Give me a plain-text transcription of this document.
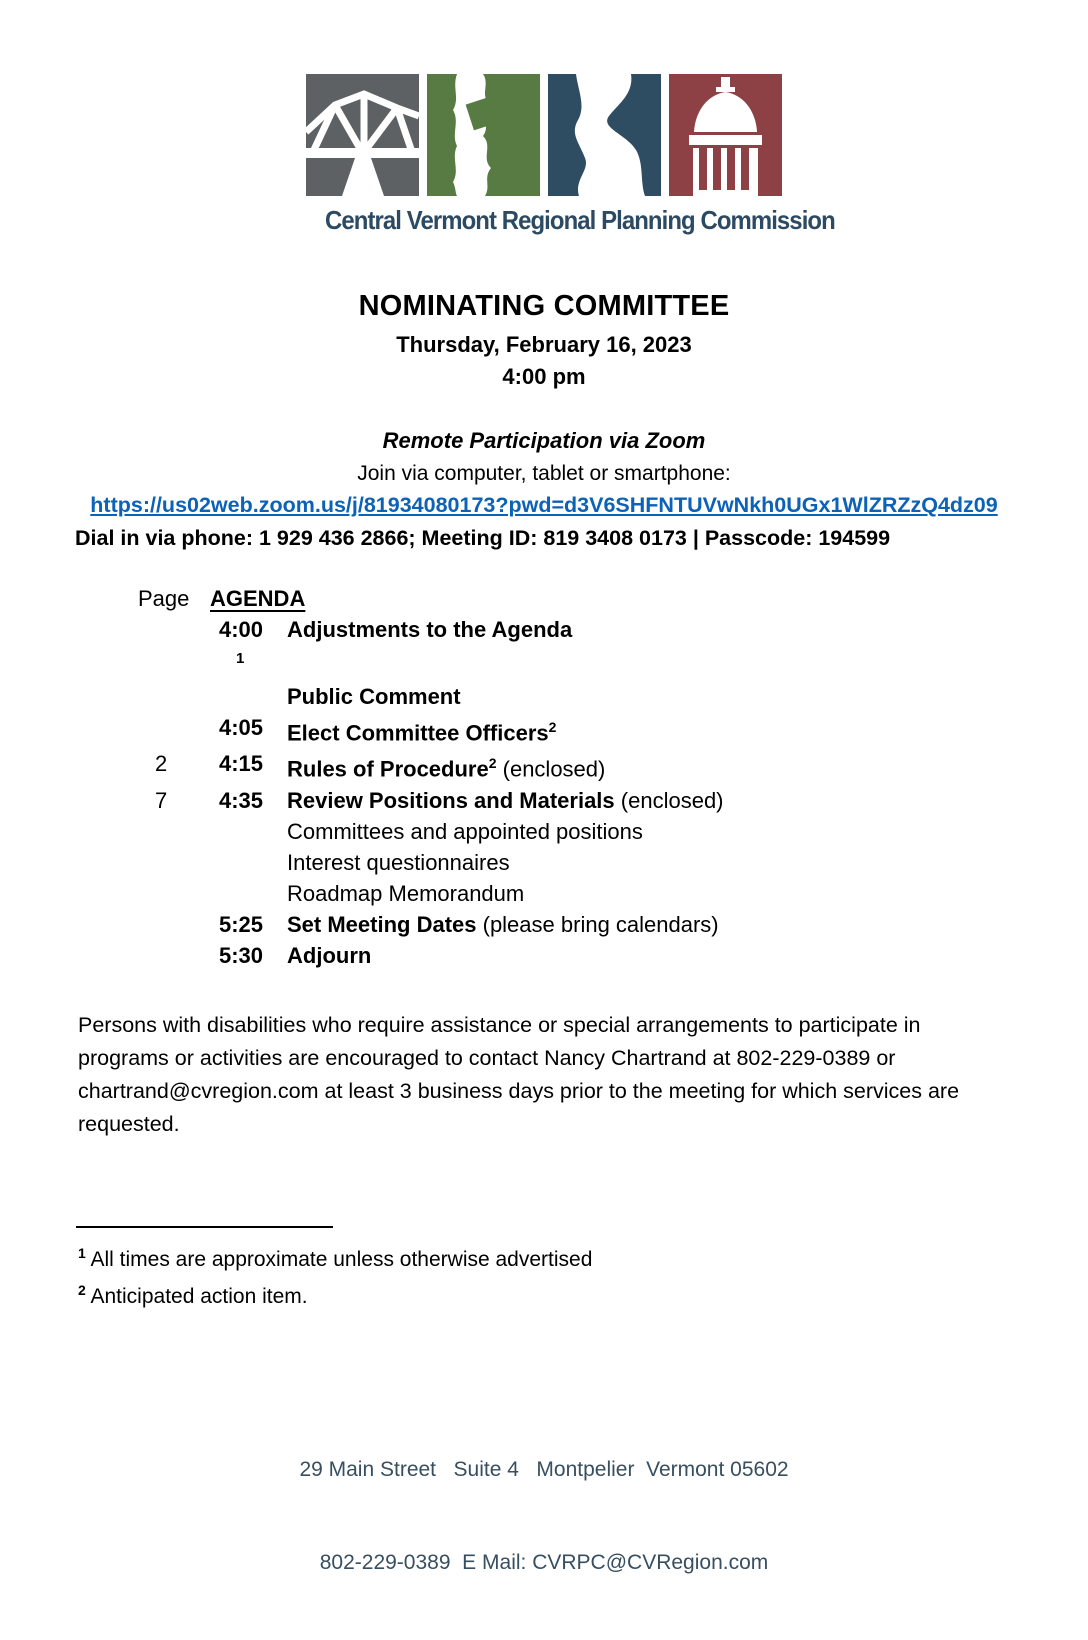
Central Vermont Regional Planning Commission
NOMINATING COMMITTEE
Thursday, February 16, 2023
4:00 pm
Remote Participation via Zoom
Join via computer, tablet or smartphone:
https://us02web.zoom.us/j/81934080173?pwd=d3V6SHFNTUVwNkh0UGx1WlZRZzQ4dz09
Dial in via phone: 1 929 436 2866; Meeting ID: 819 3408 0173 | Passcode: 194599
Page AGENDA
4:00	Adjustments to the Agenda
1
Public Comment
4:05	Elect Committee Officers$^2$
2	4:15	Rules of Procedure$^2$ (enclosed)
7	4:35	Review Positions and Materials (enclosed)
Committees and appointed positions
Interest questionnaires
Roadmap Memorandum
5:25	Set Meeting Dates (please bring calendars)
5:30	Adjourn
Persons with disabilities who require assistance or special arrangements to participate in programs or activities are encouraged to contact Nancy Chartrand at 802-229-0389 or chartrand@cvregion.com at least 3 business days prior to the meeting for which services are requested.
$^1$ All times are approximate unless otherwise advertised
$^2$ Anticipated action item.

29 Main Street   Suite 4   Montpelier  Vermont 05602

802-229-0389  E Mail: CVRPC@CVRegion.com
